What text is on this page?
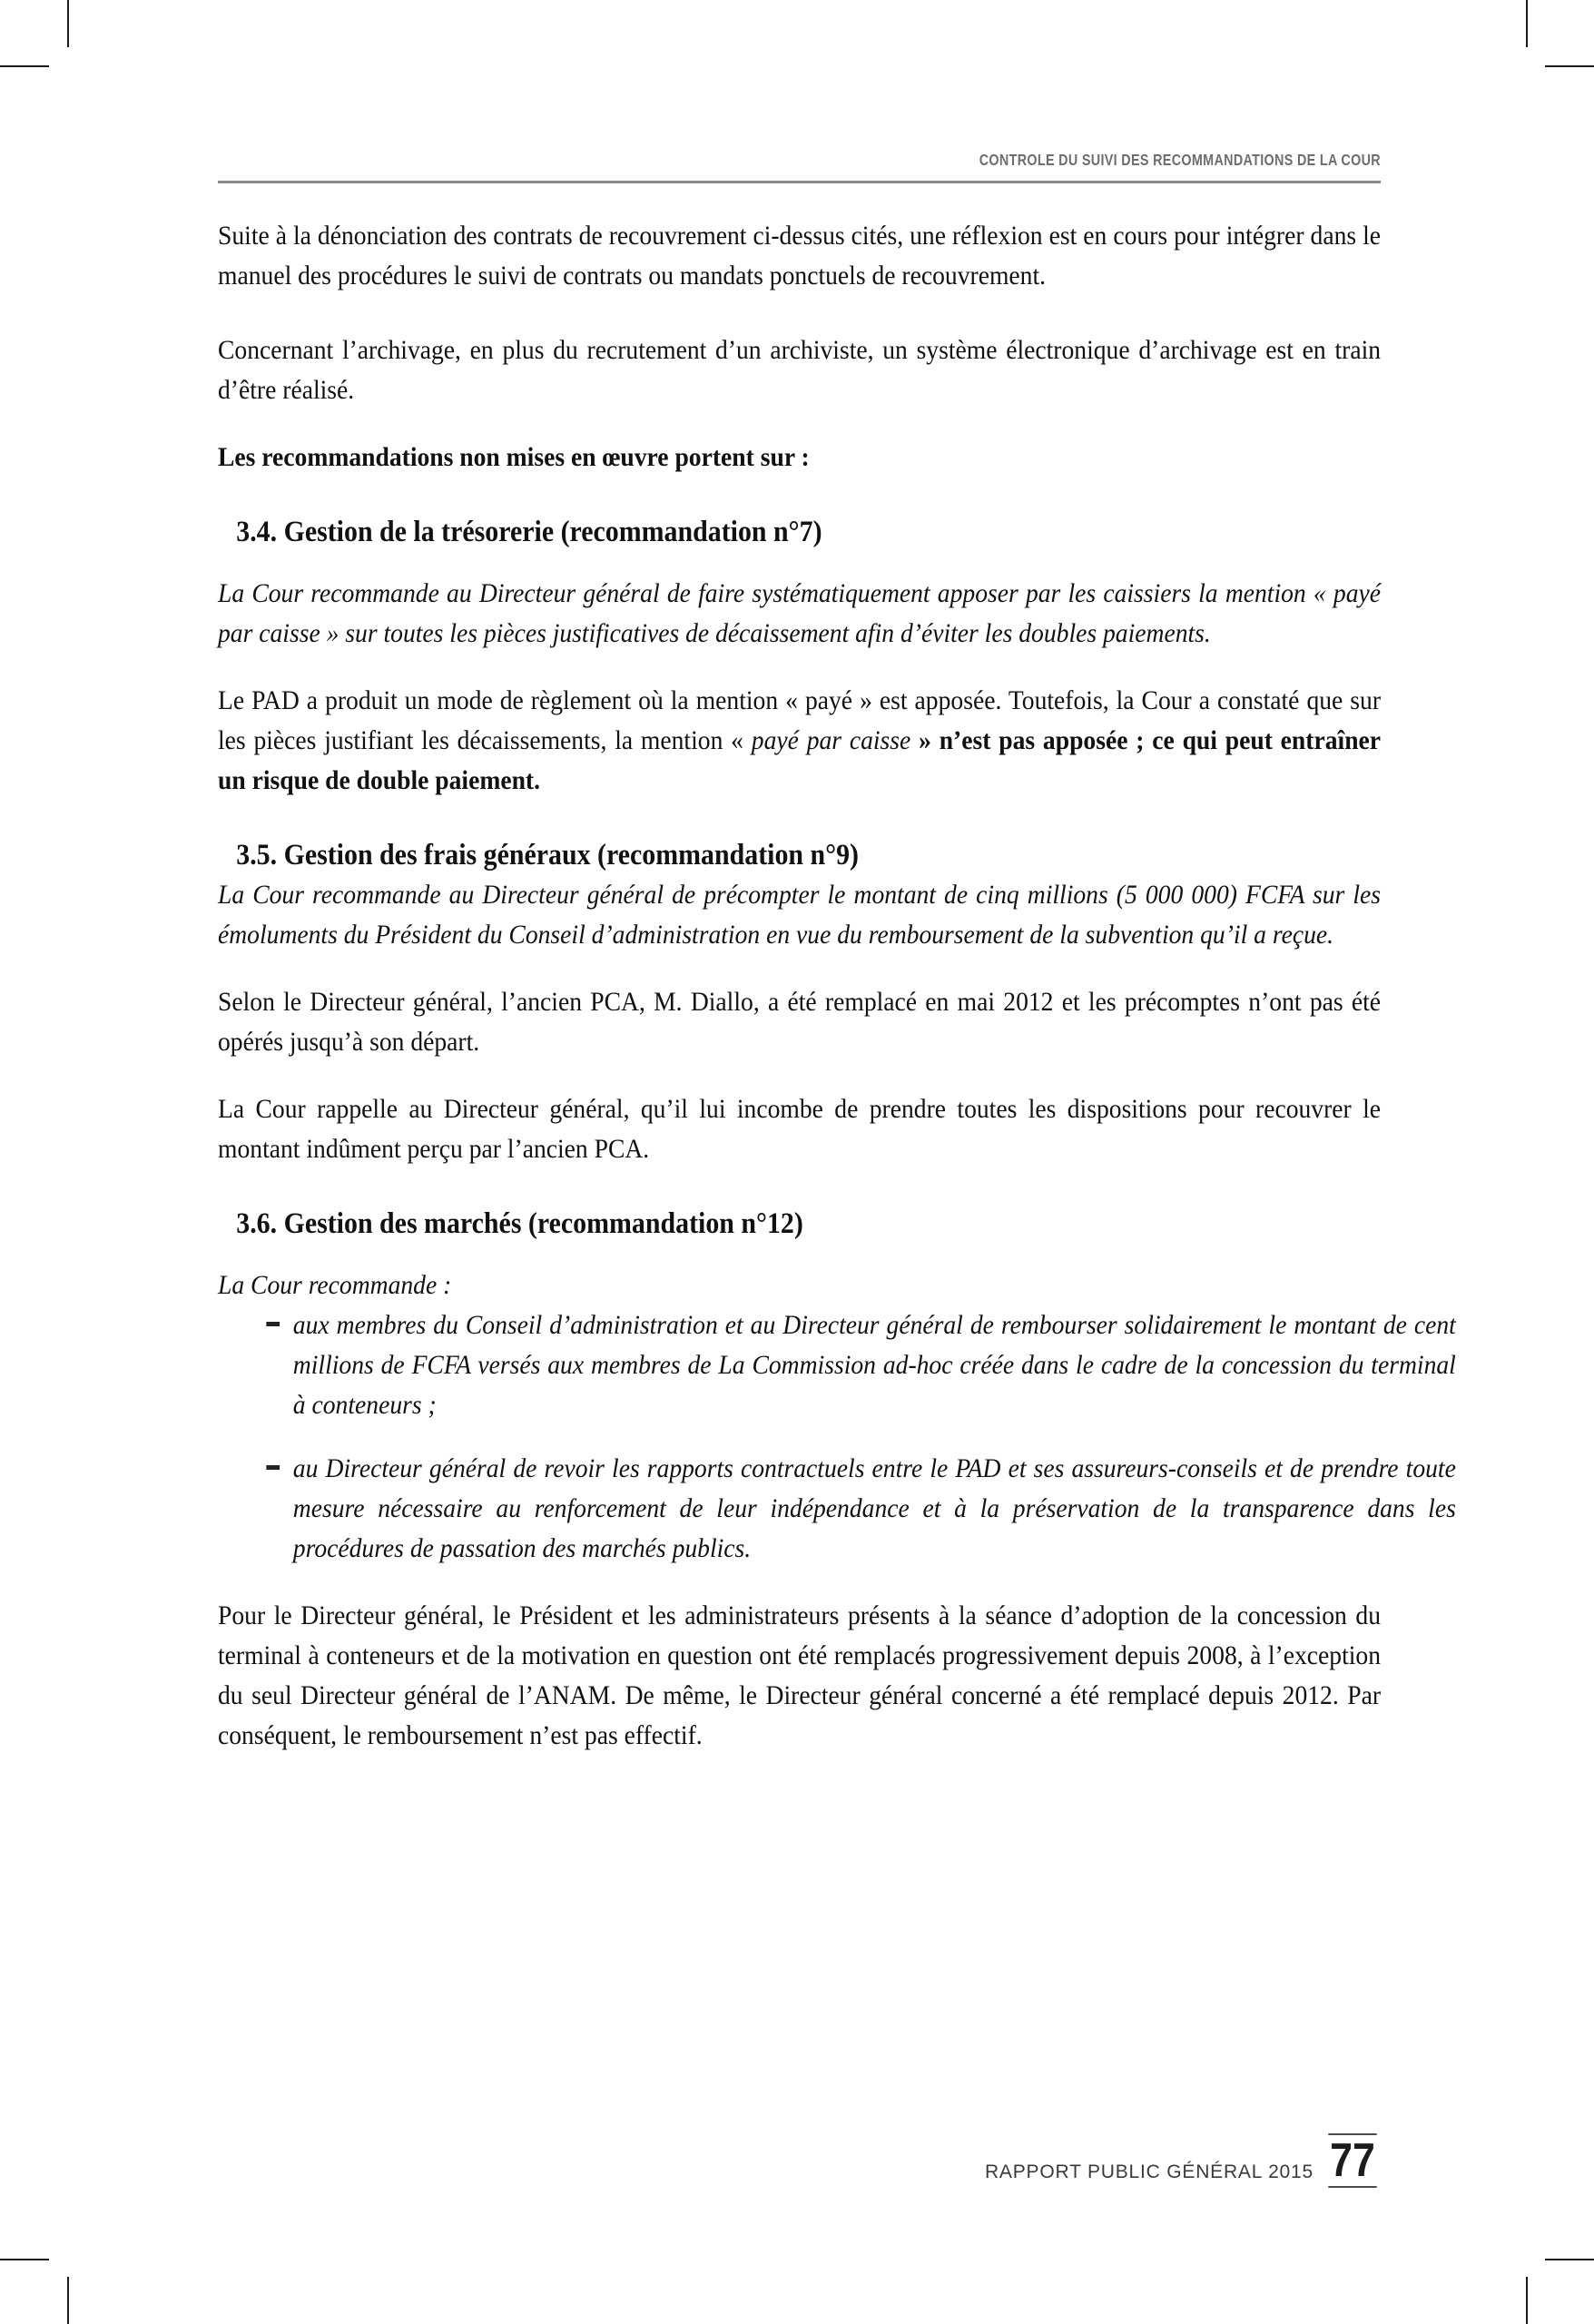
CONTROLE DU SUIVI DES RECOMMANDATIONS DE LA COUR

Suite à la dénonciation des contrats de recouvrement ci-dessus cités, une réflexion est en cours pour intégrer dans le manuel des procédures le suivi de contrats ou mandats ponctuels de recouvrement.

Concernant l’archivage, en plus du recrutement d’un archiviste, un système électronique d’archivage est en train d’être réalisé.

Les recommandations non mises en œuvre portent sur :

3.4. Gestion de la trésorerie (recommandation n°7)

La Cour recommande au Directeur général de faire systématiquement apposer par les caissiers la mention « payé par caisse » sur toutes les pièces justificatives de décaissement afin d’éviter les doubles paiements.

Le PAD a produit un mode de règlement où la mention « payé » est apposée. Toutefois, la Cour a constaté que sur les pièces justifiant les décaissements, la mention « payé par caisse » n’est pas apposée ; ce qui peut entraîner un risque de double paiement.

3.5. Gestion des frais généraux (recommandation n°9)

La Cour recommande au Directeur général de précompter le montant de cinq millions (5 000 000) FCFA sur les émoluments du Président du Conseil d’administration en vue du remboursement de la subvention qu’il a reçue.

Selon le Directeur général, l’ancien PCA, M. Diallo, a été remplacé en mai 2012 et les précomptes n’ont pas été opérés jusqu’à son départ.

La Cour rappelle au Directeur général, qu’il lui incombe de prendre toutes les dispositions pour recouvrer le montant indûment perçu par l’ancien PCA.

3.6. Gestion des marchés (recommandation n°12)

La Cour recommande :

aux membres du Conseil d’administration et au Directeur général de rembourser solidairement le montant de cent millions de FCFA versés aux membres de La Commission ad-hoc créée dans le cadre de la concession du terminal à conteneurs ;
au Directeur général de revoir les rapports contractuels entre le PAD et ses assureurs-conseils et de prendre toute mesure nécessaire au renforcement de leur indépendance et à la préservation de la transparence dans les procédures de passation des marchés publics.

Pour le Directeur général, le Président et les administrateurs présents à la séance d’adoption de la concession du terminal à conteneurs et de la motivation en question ont été remplacés progressivement depuis 2008, à l’exception du seul Directeur général de l’ANAM. De même, le Directeur général concerné a été remplacé depuis 2012. Par conséquent, le remboursement n’est pas effectif.

RAPPORT PUBLIC GÉNÉRAL 2015 77
